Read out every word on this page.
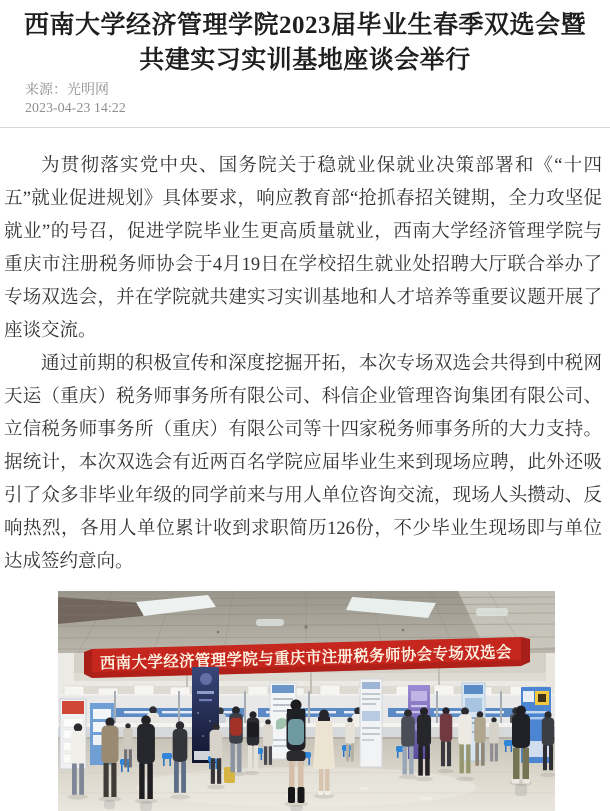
西南大学经济管理学院2023届毕业生春季双选会暨共建实习实训基地座谈会举行
来源：光明网
2023-04-23 14:22

为贯彻落实党中央、国务院关于稳就业保就业决策部署和《“十四五”就业促进规划》具体要求，响应教育部“抢抓春招关键期，全力攻坚促就业”的号召，促进学院毕业生更高质量就业，西南大学经济管理学院与重庆市注册税务师协会于4月19日在学校招生就业处招聘大厅联合举办了专场双选会，并在学院就共建实习实训基地和人才培养等重要议题开展了座谈交流。

通过前期的积极宣传和深度挖掘开拓，本次专场双选会共得到中税网天运（重庆）税务师事务所有限公司、科信企业管理咨询集团有限公司、立信税务师事务所（重庆）有限公司等十四家税务师事务所的大力支持。据统计，本次双选会有近两百名学院应届毕业生来到现场应聘，此外还吸引了众多非毕业年级的同学前来与用人单位咨询交流，现场人头攒动、反响热烈，各用人单位累计收到求职简历126份，不少毕业生现场即与单位达成签约意向。

西南大学经济管理学院与重庆市注册税务师协会专场双选会
